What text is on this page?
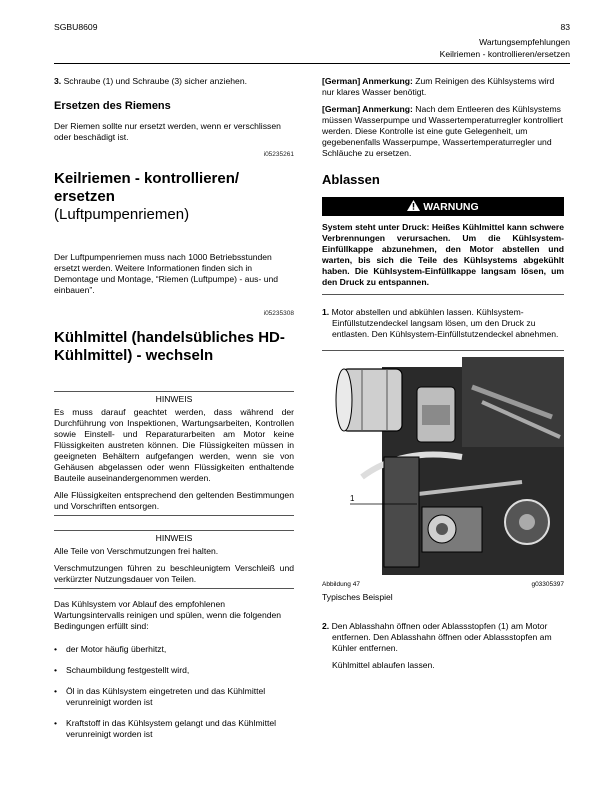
SGBU8609	83
Wartungsempfehlungen
Keilriemen - kontrollieren/ersetzen

3. Schraube (1) und Schraube (3) sicher anziehen.

Ersetzen des Riemens

Der Riemen sollte nur ersetzt werden, wenn er verschlissen oder beschädigt ist.

i05235261
Keilriemen - kontrollieren/ ersetzen
(Luftpumpenriemen)

Der Luftpumpenriemen muss nach 1000 Betriebsstunden ersetzt werden. Weitere Informationen finden sich in Demontage und Montage, “Riemen (Luftpumpe) - aus- und einbauen”.

i05235308
Kühlmittel (handelsübliches HD-Kühlmittel) - wechseln
HINWEIS

Es muss darauf geachtet werden, dass während der Durchführung von Inspektionen, Wartungsarbeiten, Kontrollen sowie Einstell- und Reparaturarbeiten am Motor keine Flüssigkeiten austreten können. Die Flüssigkeiten müssen in geeigneten Behältern aufgefangen werden, wenn sie von Gehäusen abgelassen oder wenn Flüssigkeiten enthaltende Bauteile auseinandergenommen werden.

Alle Flüssigkeiten entsprechend den geltenden Bestimmungen und Vorschriften entsorgen.

HINWEIS

Alle Teile von Verschmutzungen frei halten.

Verschmutzungen führen zu beschleunigtem Verschleiß und verkürzter Nutzungsdauer von Teilen.

Das Kühlsystem vor Ablauf des empfohlenen Wartungsintervalls reinigen und spülen, wenn die folgenden Bedingungen erfüllt sind:

• der Motor häufig überhitzt,
• Schaumbildung festgestellt wird,
• Öl in das Kühlsystem eingetreten und das Kühlmittel verunreinigt worden ist
• Kraftstoff in das Kühlsystem gelangt und das Kühlmittel verunreinigt worden ist

[German] Anmerkung: Zum Reinigen des Kühlsystems wird nur klares Wasser benötigt.

[German] Anmerkung: Nach dem Entleeren des Kühlsystems müssen Wasserpumpe und Wassertemperaturregler kontrolliert werden. Diese Kontrolle ist eine gute Gelegenheit, um gegebenenfalls Wasserpumpe, Wassertemperaturregler und Schläuche zu ersetzen.

Ablassen
WARNUNG
System steht unter Druck: Heißes Kühlmittel kann schwere Verbrennungen verursachen. Um die Kühlsystem-Einfüllkappe abzunehmen, den Motor abstellen und warten, bis sich die Teile des Kühlsystems abgekühlt haben. Die Kühlsystem-Einfüllkappe langsam lösen, um den Druck zu entspannen.

1. Motor abstellen und abkühlen lassen. Kühlsystem-Einfüllstutzendeckel langsam lösen, um den Druck zu entlasten. Den Kühlsystem-Einfüllstutzendeckel abnehmen.

1
Abbildung 47	g03305397

Typisches Beispiel

2. Den Ablasshahn öffnen oder Ablassstopfen (1) am Motor entfernen. Den Ablasshahn öffnen oder Ablassstopfen am Kühler entfernen.

Kühlmittel ablaufen lassen.
